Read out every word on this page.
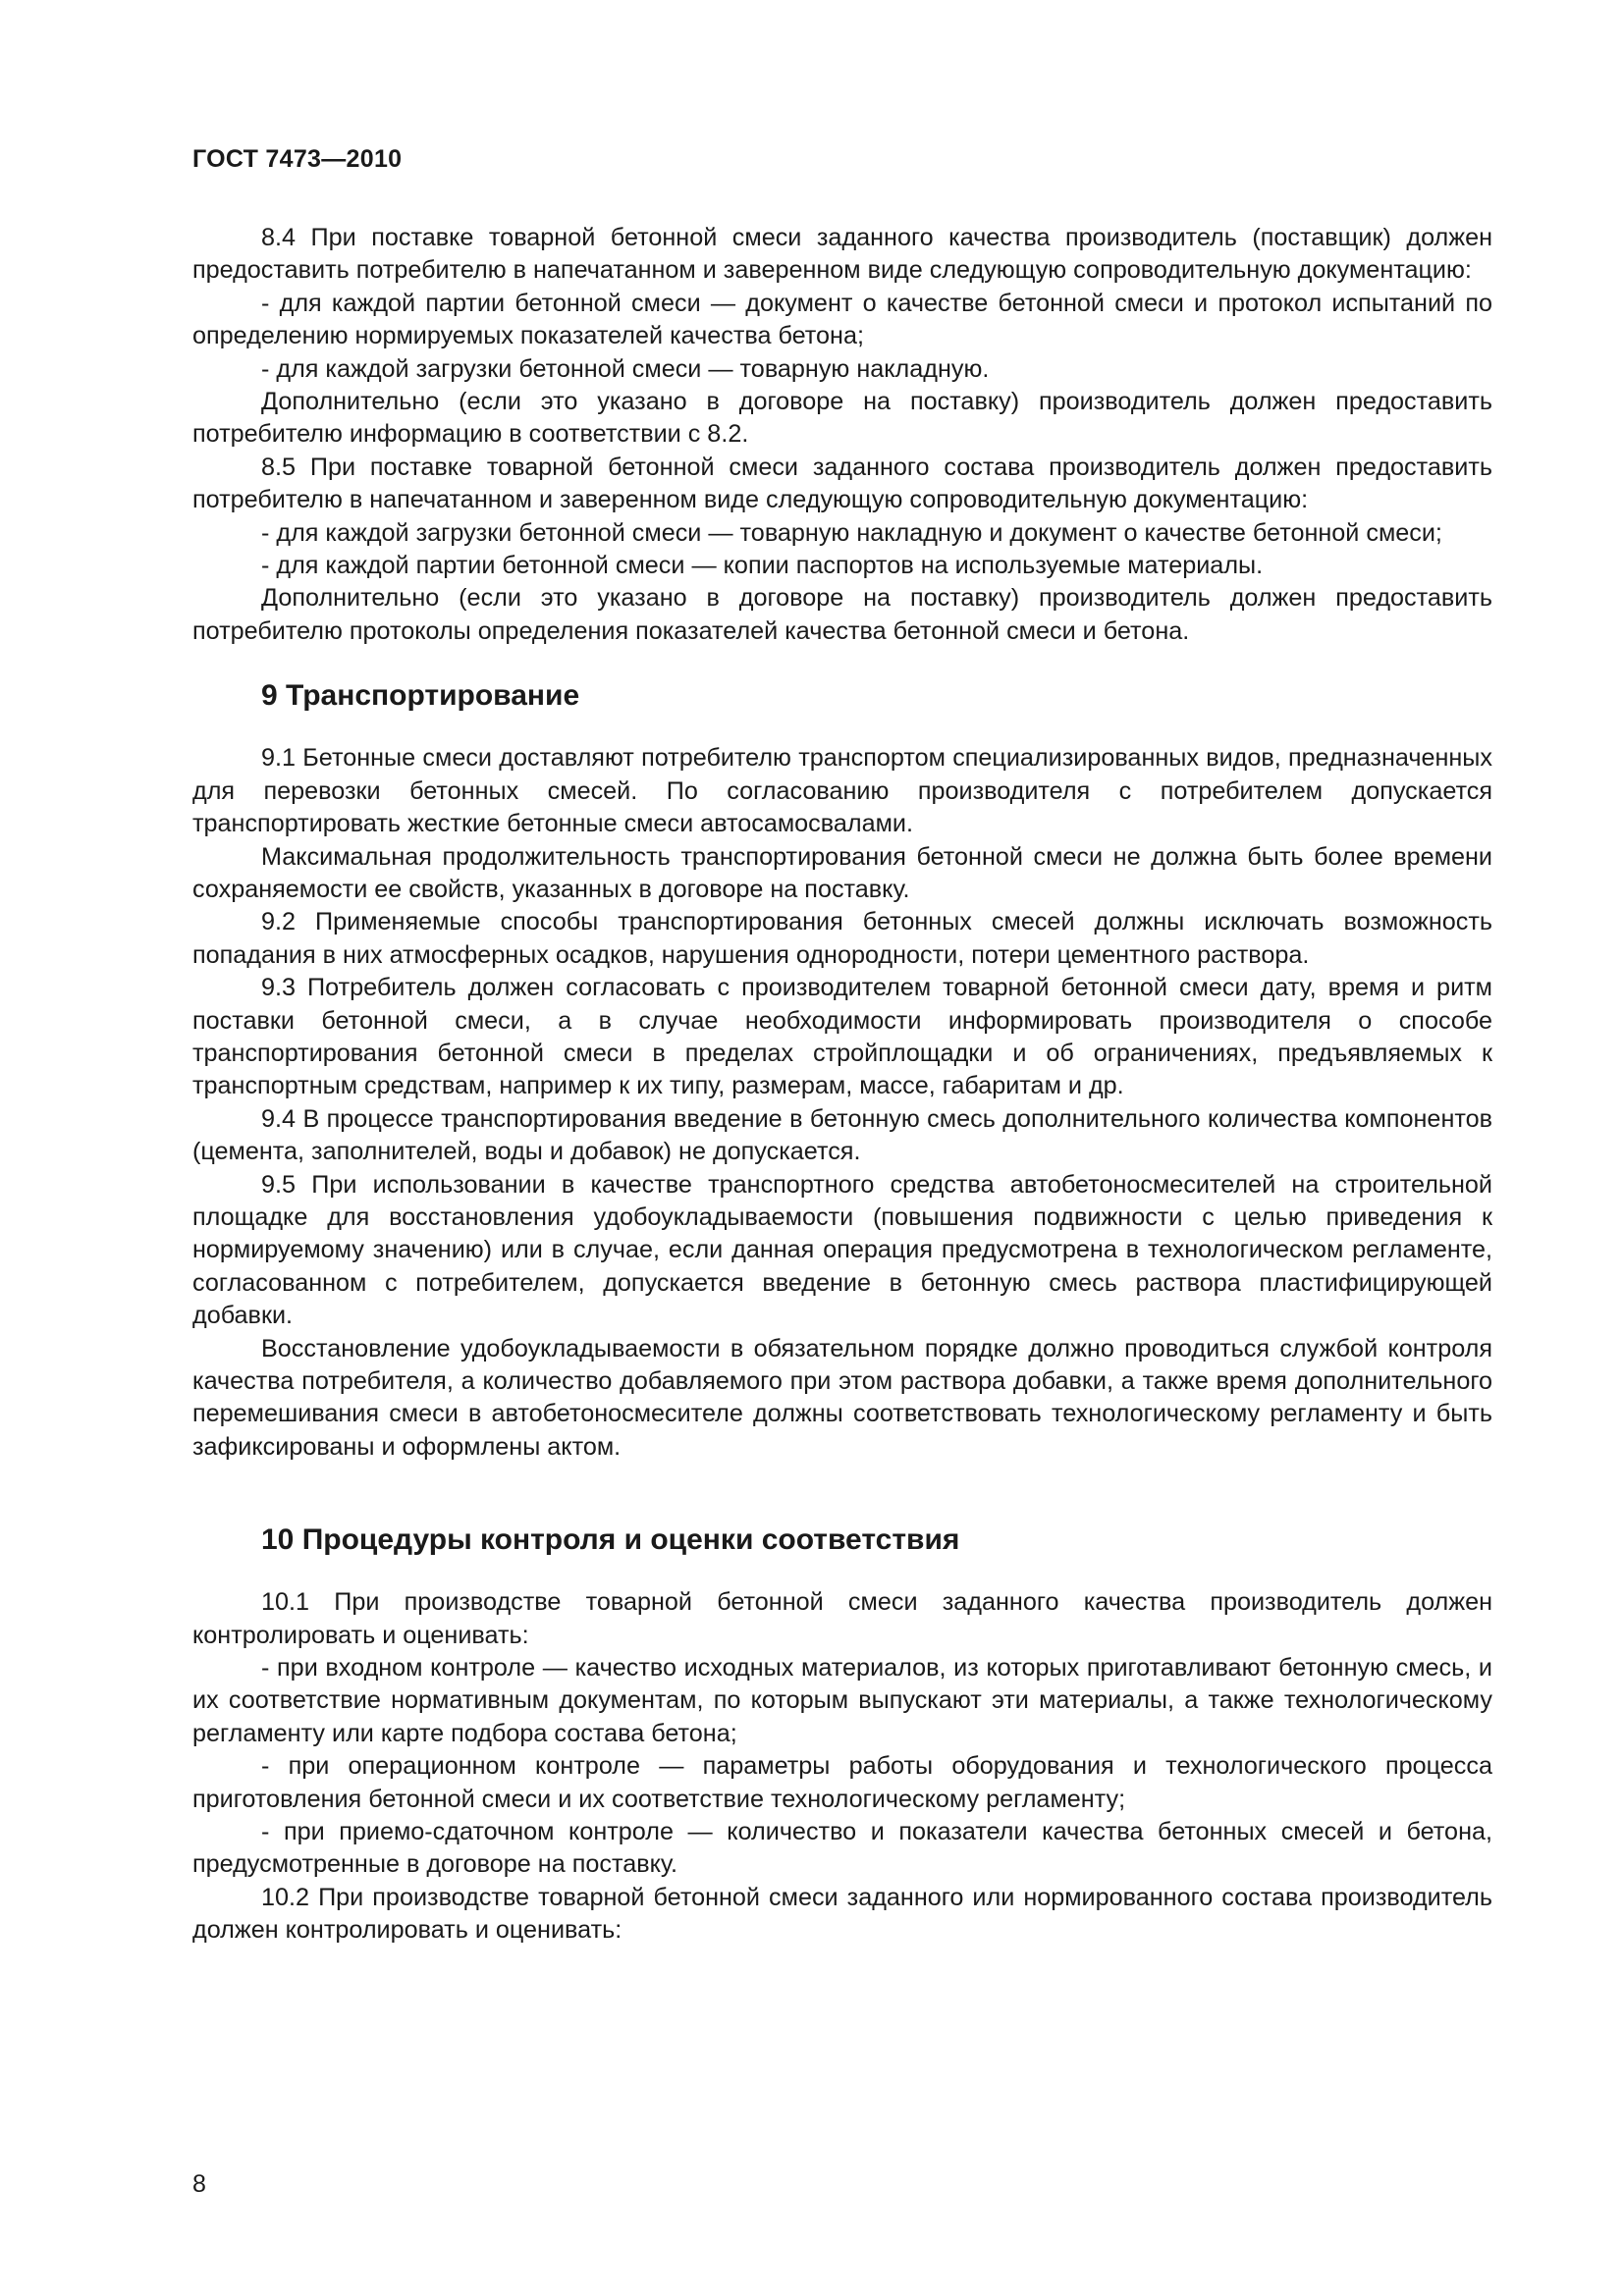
ГОСТ 7473—2010

8.4 При поставке товарной бетонной смеси заданного качества производитель (поставщик) должен предоставить потребителю в напечатанном и заверенном виде следующую сопроводительную документацию:

- для каждой партии бетонной смеси — документ о качестве бетонной смеси и протокол испытаний по определению нормируемых показателей качества бетона;

- для каждой загрузки бетонной смеси — товарную накладную.

Дополнительно (если это указано в договоре на поставку) производитель должен предоставить потребителю информацию в соответствии с 8.2.

8.5 При поставке товарной бетонной смеси заданного состава производитель должен предоставить потребителю в напечатанном и заверенном виде следующую сопроводительную документацию:

- для каждой загрузки бетонной смеси — товарную накладную и документ о качестве бетонной смеси;

- для каждой партии бетонной смеси — копии паспортов на используемые материалы.

Дополнительно (если это указано в договоре на поставку) производитель должен предоставить потребителю протоколы определения показателей качества бетонной смеси и бетона.

9 Транспортирование

9.1 Бетонные смеси доставляют потребителю транспортом специализированных видов, предназначенных для перевозки бетонных смесей. По согласованию производителя с потребителем допускается транспортировать жесткие бетонные смеси автосамосвалами.

Максимальная продолжительность транспортирования бетонной смеси не должна быть более времени сохраняемости ее свойств, указанных в договоре на поставку.

9.2 Применяемые способы транспортирования бетонных смесей должны исключать возможность попадания в них атмосферных осадков, нарушения однородности, потери цементного раствора.

9.3 Потребитель должен согласовать с производителем товарной бетонной смеси дату, время и ритм поставки бетонной смеси, а в случае необходимости информировать производителя о способе транспортирования бетонной смеси в пределах стройплощадки и об ограничениях, предъявляемых к транспортным средствам, например к их типу, размерам, массе, габаритам и др.

9.4 В процессе транспортирования введение в бетонную смесь дополнительного количества компонентов (цемента, заполнителей, воды и добавок) не допускается.

9.5 При использовании в качестве транспортного средства автобетоносмесителей на строительной площадке для восстановления удобоукладываемости (повышения подвижности с целью приведения к нормируемому значению) или в случае, если данная операция предусмотрена в технологическом регламенте, согласованном с потребителем, допускается введение в бетонную смесь раствора пластифицирующей добавки.

Восстановление удобоукладываемости в обязательном порядке должно проводиться службой контроля качества потребителя, а количество добавляемого при этом раствора добавки, а также время дополнительного перемешивания смеси в автобетоносмесителе должны соответствовать технологическому регламенту и быть зафиксированы и оформлены актом.

10 Процедуры контроля и оценки соответствия

10.1 При производстве товарной бетонной смеси заданного качества производитель должен контролировать и оценивать:

- при входном контроле — качество исходных материалов, из которых приготавливают бетонную смесь, и их соответствие нормативным документам, по которым выпускают эти материалы, а также технологическому регламенту или карте подбора состава бетона;

- при операционном контроле — параметры работы оборудования и технологического процесса приготовления бетонной смеси и их соответствие технологическому регламенту;

- при приемо-сдаточном контроле — количество и показатели качества бетонных смесей и бетона, предусмотренные в договоре на поставку.

10.2 При производстве товарной бетонной смеси заданного или нормированного состава производитель должен контролировать и оценивать:

8
